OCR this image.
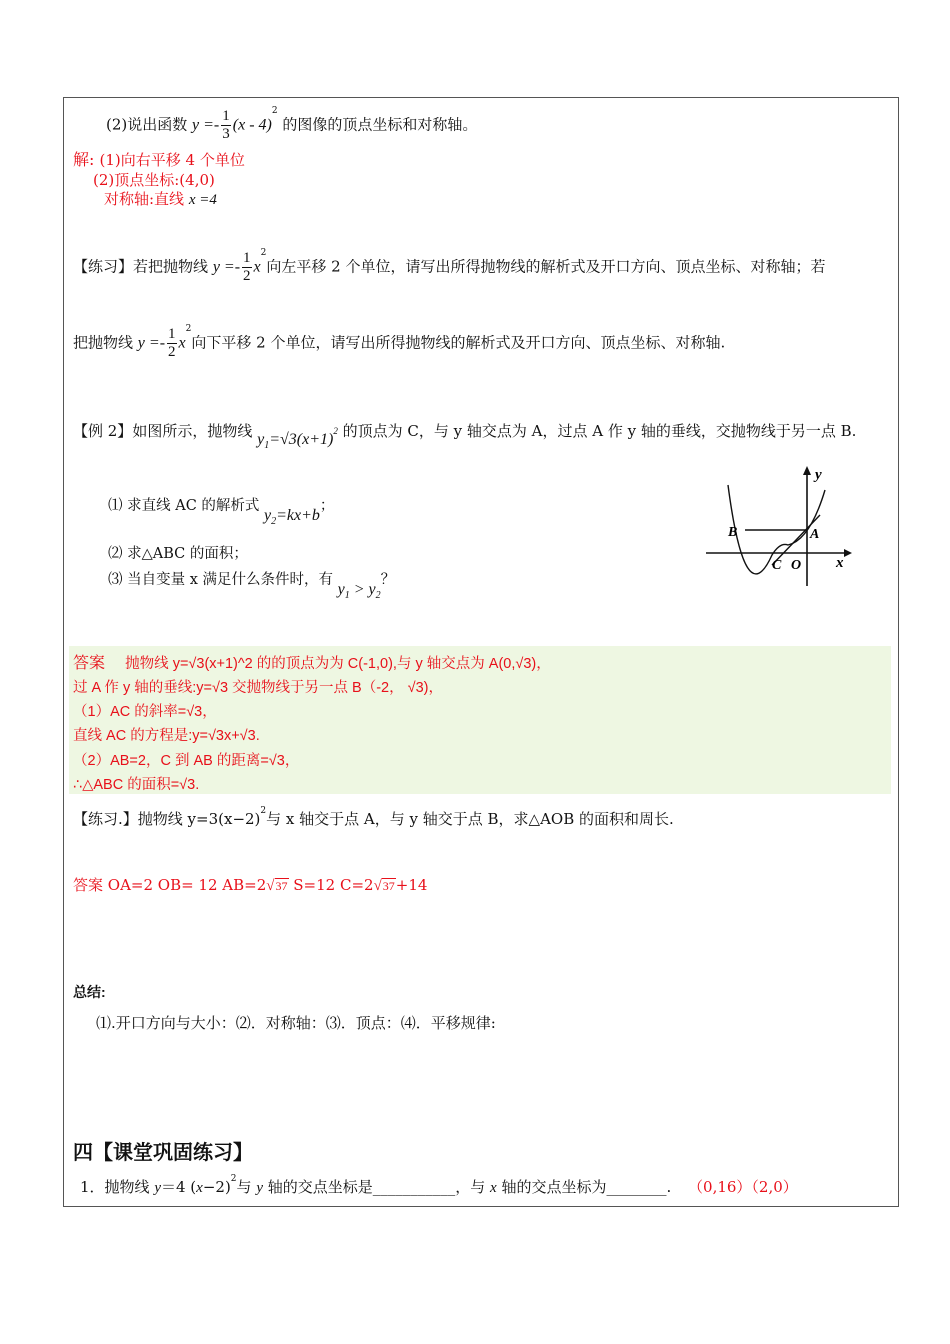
(2)说出函数 $y =- \frac{1}{3} (x - 4)^2$ 的图像的顶点坐标和对称轴。
解: (1)向右平移 4 个单位
(2)顶点坐标:(4,0)
对称轴:直线 x =4
【练习】若把抛物线 $y =- \frac{1}{2} x^2$向左平移 2 个单位，请写出所得抛物线的解析式及开口方向、顶点坐标、对称轴；若
把抛物线 $y =- \frac{1}{2} x^2$向下平移 2 个单位，请写出所得抛物线的解析式及开口方向、顶点坐标、对称轴.
【例 2】如图所示，抛物线 $y_1=√3(x+1)^2$ 的顶点为 C，与 y 轴交点为 A，过点 A 作 y 轴的垂线，交抛物线于另一点 B.
⑴ 求直线 AC 的解析式 $y_2=kx+b$；
⑵ 求△ABC 的面积；
⑶ 当自变量 x 满足什么条件时，有 $y_1 > y_2$？
y
x
B	A
C O
答案 抛物线 y=√3(x+1)^2 的的顶点为为 C(-1,0),与 y 轴交点为 A(0,√3)，
过 A 作 y 轴的垂线:y=√3 交抛物线于另一点 B（-2， √3)，
（1）AC 的斜率=√3，
直线 AC 的方程是:y=√3x+√3.
（2）AB=2，C 到 AB 的距离=√3，
∴△ABC 的面积=√3.
【练习.】抛物线 $y=3(x-2)^2$与 x 轴交于点 A，与 y 轴交于点 B，求△AOB 的面积和周长.
答案 OA=2 OB= 12 AB=2√37 S=12 C=2√37+14
总结:
⑴.开口方向与大小：⑵．对称轴：⑶．顶点：⑷．平移规律:
四【课堂巩固练习】
1．抛物线 y＝4 $(x-2)^2$与 y 轴的交点坐标是___________，与 x 轴的交点坐标为________. （0,16）（2,0）
